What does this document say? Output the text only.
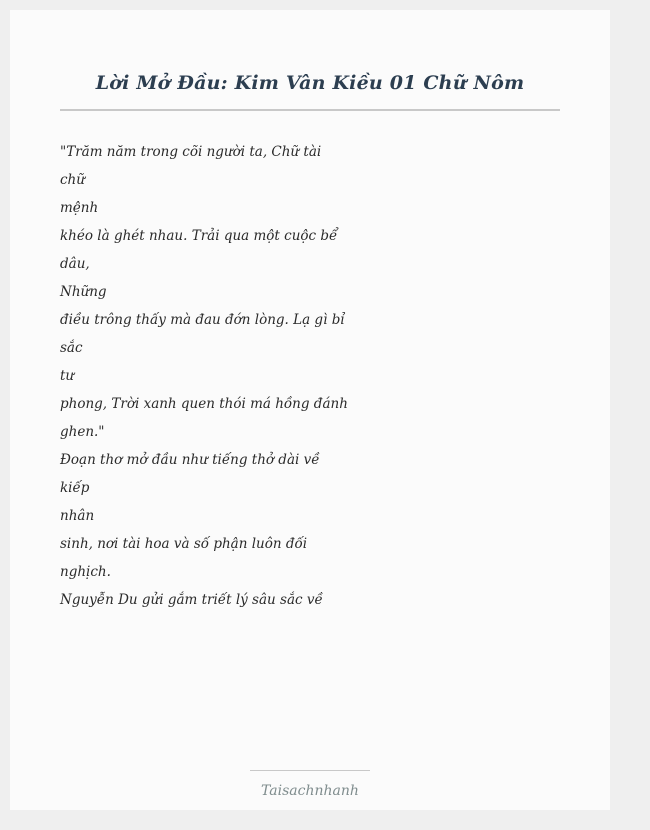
Lời Mở Đầu: Kim Vân Kiều 01 Chữ Nôm
"Trăm năm trong cõi người ta, Chữ tài chữ
mệnh
khéo là ghét nhau. Trải qua một cuộc bể dâu,
Những
điều trông thấy mà đau đớn lòng. Lạ gì bỉ sắc
tư
phong, Trời xanh quen thói má hồng đánh
ghen."
Đoạn thơ mở đầu như tiếng thở dài về kiếp
nhân
sinh, nơi tài hoa và số phận luôn đối nghịch.
Nguyễn Du gửi gắm triết lý sâu sắc về
Taisachnhanh
